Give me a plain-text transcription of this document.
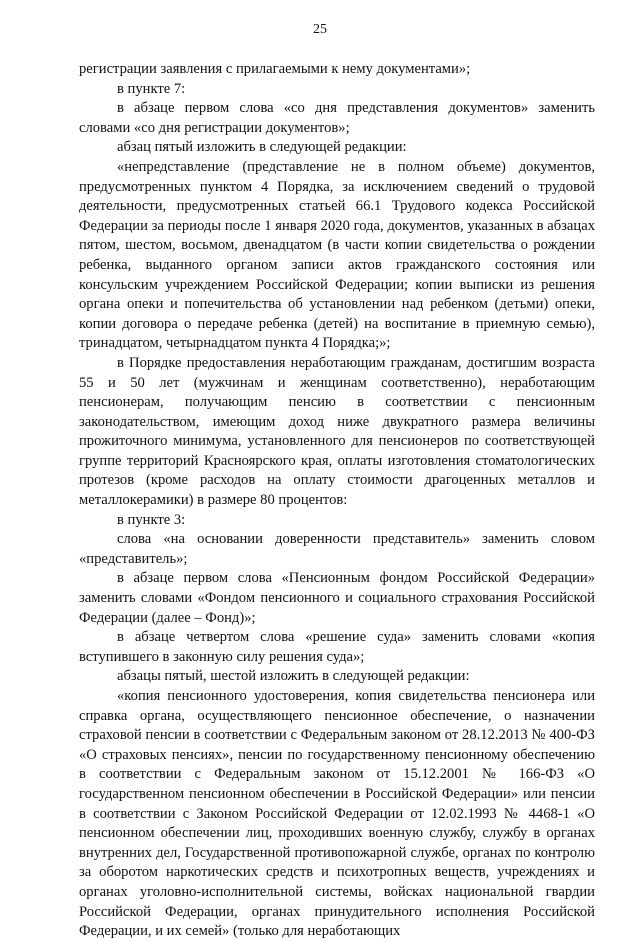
25

регистрации заявления с прилагаемыми к нему документами»;

в пункте 7:

в абзаце первом слова «со дня представления документов» заменить словами «со дня регистрации документов»;

абзац пятый изложить в следующей редакции:

«непредставление (представление не в полном объеме) документов, предусмотренных пунктом 4 Порядка, за исключением сведений о трудовой деятельности, предусмотренных статьей 66.1 Трудового кодекса Российской Федерации за периоды после 1 января 2020 года, документов, указанных в абзацах пятом, шестом, восьмом, двенадцатом (в части копии свидетельства о рождении ребенка, выданного органом записи актов гражданского состояния или консульским учреждением Российской Федерации; копии выписки из решения органа опеки и попечительства об установлении над ребенком (детьми) опеки, копии договора о передаче ребенка (детей) на воспитание в приемную семью), тринадцатом, четырнадцатом пункта 4 Порядка;»;

в Порядке предоставления неработающим гражданам, достигшим возраста 55 и 50 лет (мужчинам и женщинам соответственно), неработающим пенсионерам, получающим пенсию в соответствии с пенсионным законодательством, имеющим доход ниже двукратного размера величины прожиточного минимума, установленного для пенсионеров по соответствующей группе территорий Красноярского края, оплаты изготовления стоматологических протезов (кроме расходов на оплату стоимости драгоценных металлов и металлокерамики) в размере 80 процентов:

в пункте 3:

слова «на основании доверенности представитель» заменить словом «представитель»;

в абзаце первом слова «Пенсионным фондом Российской Федерации» заменить словами «Фондом пенсионного и социального страхования Российской Федерации (далее – Фонд)»;

в абзаце четвертом слова «решение суда» заменить словами «копия вступившего в законную силу решения суда»;

абзацы пятый, шестой изложить в следующей редакции:

«копия пенсионного удостоверения, копия свидетельства пенсионера или справка органа, осуществляющего пенсионное обеспечение, о назначении страховой пенсии в соответствии с Федеральным законом от 28.12.2013 № 400-ФЗ «О страховых пенсиях», пенсии по государственному пенсионному обеспечению в соответствии с Федеральным законом от 15.12.2001 № 166-ФЗ «О государственном пенсионном обеспечении в Российской Федерации» или пенсии в соответствии с Законом Российской Федерации от 12.02.1993 № 4468-1 «О пенсионном обеспечении лиц, проходивших военную службу, службу в органах внутренних дел, Государственной противопожарной службе, органах по контролю за оборотом наркотических средств и психотропных веществ, учреждениях и органах уголовно-исполнительной системы, войсках национальной гвардии Российской Федерации, органах принудительного исполнения Российской Федерации, и их семей» (только для неработающих
